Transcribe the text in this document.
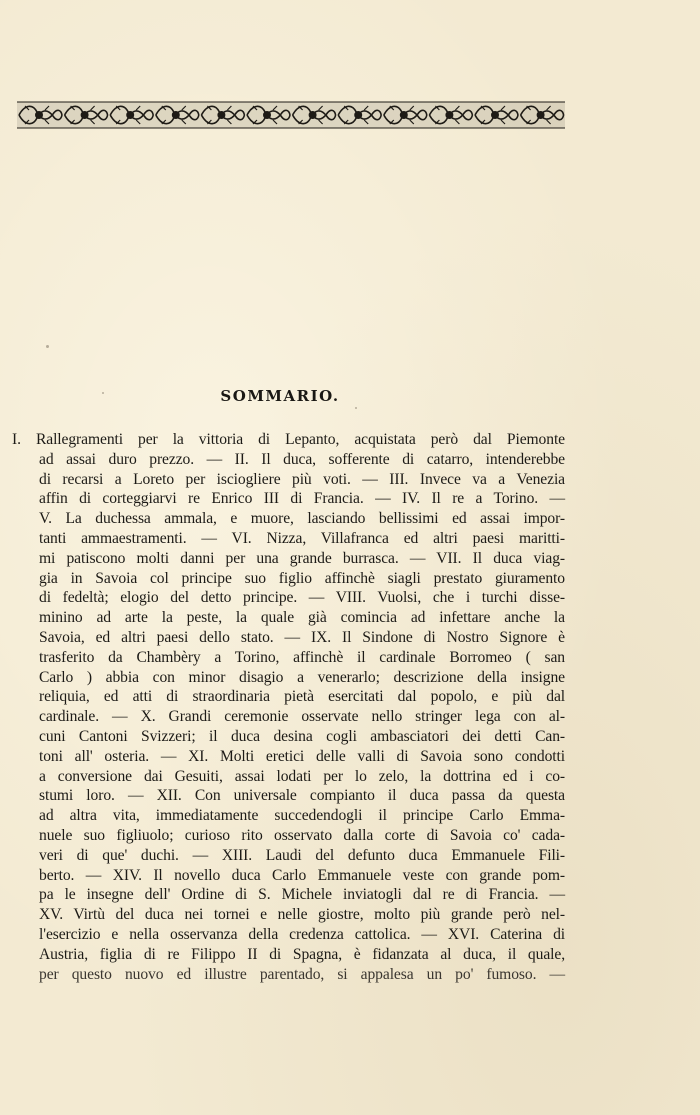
SOMMARIO.
I. Rallegramenti per la vittoria di Lepanto, acquistata però dal Piemonte
ad assai duro prezzo. — II. Il duca, sofferente di catarro, intenderebbe
di recarsi a Loreto per isciogliere più voti. — III. Invece va a Venezia
affin di corteggiarvi re Enrico III di Francia. — IV. Il re a Torino. —
V. La duchessa ammala, e muore, lasciando bellissimi ed assai impor-
tanti ammaestramenti. — VI. Nizza, Villafranca ed altri paesi maritti-
mi patiscono molti danni per una grande burrasca. — VII. Il duca viag-
gia in Savoia col principe suo figlio affinchè siagli prestato giuramento
di fedeltà; elogio del detto principe. — VIII. Vuolsi, che i turchi disse-
minino ad arte la peste, la quale già comincia ad infettare anche la
Savoia, ed altri paesi dello stato. — IX. Il Sindone di Nostro Signore è
trasferito da Chambèry a Torino, affinchè il cardinale Borromeo ( san
Carlo ) abbia con minor disagio a venerarlo; descrizione della insigne
reliquia, ed atti di straordinaria pietà esercitati dal popolo, e più dal
cardinale. — X. Grandi ceremonie osservate nello stringer lega con al-
cuni Cantoni Svizzeri; il duca desina cogli ambasciatori dei detti Can-
toni all' osteria. — XI. Molti eretici delle valli di Savoia sono condotti
a conversione dai Gesuiti, assai lodati per lo zelo, la dottrina ed i co-
stumi loro. — XII. Con universale compianto il duca passa da questa
ad altra vita, immediatamente succedendogli il principe Carlo Emma-
nuele suo figliuolo; curioso rito osservato dalla corte di Savoia co' cada-
veri di que' duchi. — XIII. Laudi del defunto duca Emmanuele Fili-
berto. — XIV. Il novello duca Carlo Emmanuele veste con grande pom-
pa le insegne dell' Ordine di S. Michele inviatogli dal re di Francia. —
XV. Virtù del duca nei tornei e nelle giostre, molto più grande però nel-
l'esercizio e nella osservanza della credenza cattolica. — XVI. Caterina di
Austria, figlia di re Filippo II di Spagna, è fidanzata al duca, il quale,
per questo nuovo ed illustre parentado, si appalesa un po' fumoso. —
